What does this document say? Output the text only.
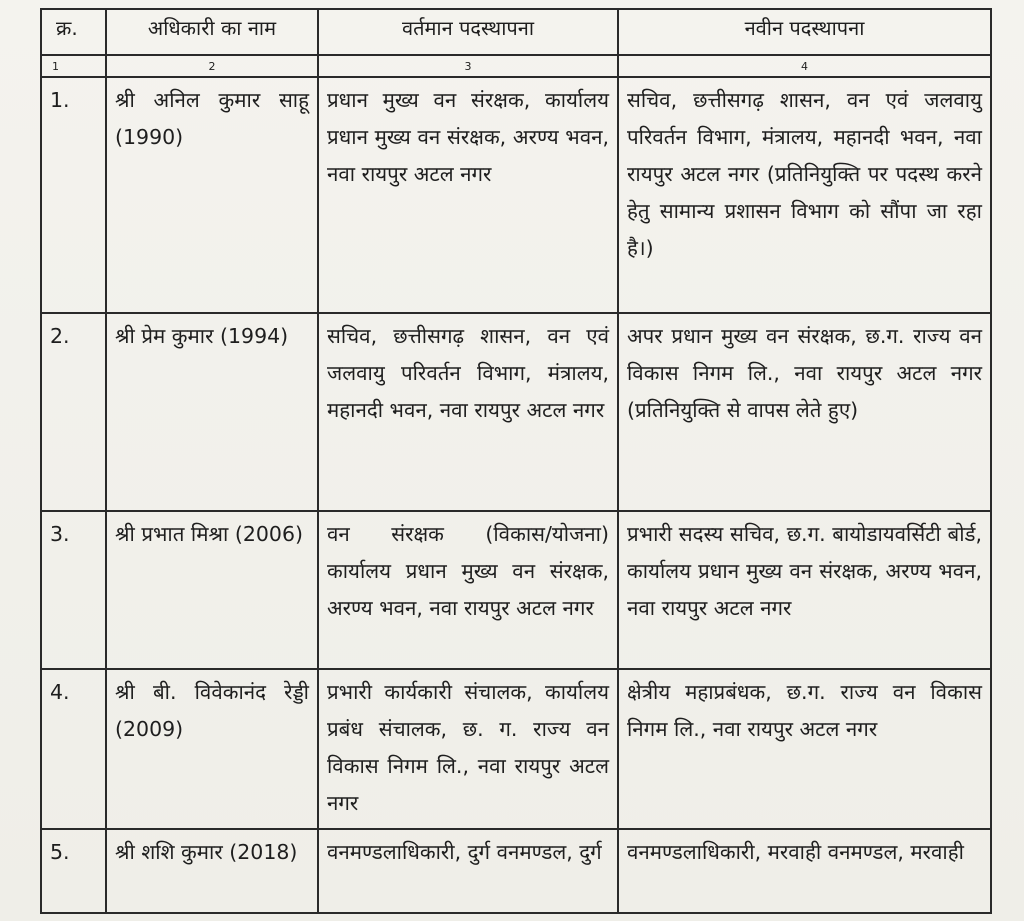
क्र.	अधिकारी का नाम	वर्तमान पदस्थापना	नवीन पदस्थापना
1	2	3	4
1.	श्री अनिल कुमार साहू (1990)	प्रधान मुख्य वन संरक्षक, कार्यालय प्रधान मुख्य वन संरक्षक, अरण्य भवन, नवा रायपुर अटल नगर	सचिव, छत्तीसगढ़ शासन, वन एवं जलवायु परिवर्तन विभाग, मंत्रालय, महानदी भवन, नवा रायपुर अटल नगर (प्रतिनियुक्ति पर पदस्थ करने हेतु सामान्य प्रशासन विभाग को सौंपा जा रहा है।)
2.	श्री प्रेम कुमार (1994)	सचिव, छत्तीसगढ़ शासन, वन एवं जलवायु परिवर्तन विभाग, मंत्रालय, महानदी भवन, नवा रायपुर अटल नगर	अपर प्रधान मुख्य वन संरक्षक, छ.ग. राज्य वन विकास निगम लि., नवा रायपुर अटल नगर (प्रतिनियुक्ति से वापस लेते हुए)
3.	श्री प्रभात मिश्रा (2006)	वन संरक्षक (विकास/योजना) कार्यालय प्रधान मुख्य वन संरक्षक, अरण्य भवन, नवा रायपुर अटल नगर	प्रभारी सदस्य सचिव, छ.ग. बायोडायवर्सिटी बोर्ड, कार्यालय प्रधान मुख्य वन संरक्षक, अरण्य भवन, नवा रायपुर अटल नगर
4.	श्री बी. विवेकानंद रेड्डी (2009)	प्रभारी कार्यकारी संचालक, कार्यालय प्रबंध संचालक, छ. ग. राज्य वन विकास निगम लि., नवा रायपुर अटल नगर	क्षेत्रीय महाप्रबंधक, छ.ग. राज्य वन विकास निगम लि., नवा रायपुर अटल नगर
5.	श्री शशि कुमार (2018)	वनमण्डलाधिकारी, दुर्ग वनमण्डल, दुर्ग	वनमण्डलाधिकारी, मरवाही वनमण्डल, मरवाही
